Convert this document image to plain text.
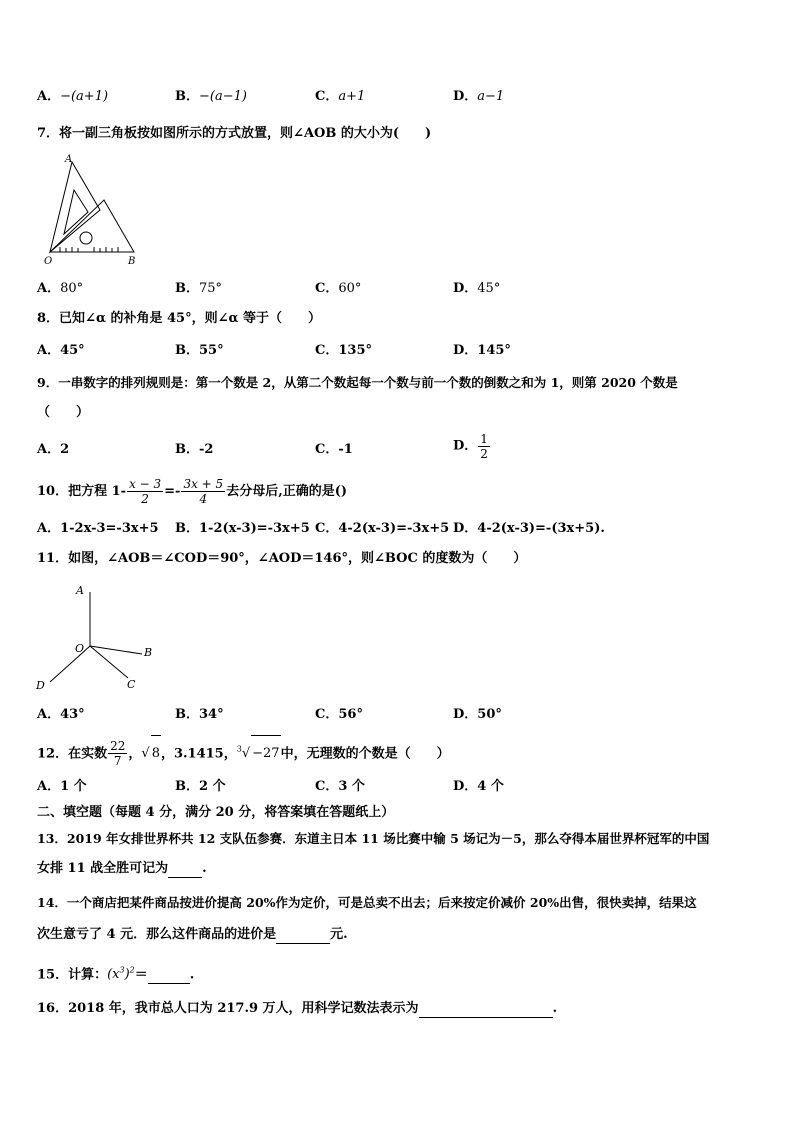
A．−(a+1)	B．−(a−1)	C．a+1	D．a−1
7．将一副三角板按如图所示的方式放置，则∠AOB 的大小为(　　)
A
O	B
A．80°	B．75°	C．60°	D．45°
8．已知∠α 的补角是 45°，则∠α 等于（　　）
A．45°	B．55°	C．135°	D．145°
9．一串数字的排列规则是：第一个数是 2，从第二个数起每一个数与前一个数的倒数之和为 1，则第 2020 个数是
（　　）
A．2	B．-2	C．-1	D． $\frac{1}{2}$
10．把方程 $1- \frac{x - 3}{2} =- \frac{3x + 5}{4}$ 去分母后,正确的是()
A．1-2x-3=-3x+5 B．1-2(x-3)=-3x+5 C．4-2(x-3)=-3x+5 D．4-2(x-3)=-(3x+5).
11．如图，∠AOB＝∠COD＝90°，∠AOD＝146°，则∠BOC 的度数为（　　）
A
O	B
C
D
A．43°	B．34°	C．56°	D．50°
12．在实数 $\frac{22}{7}$ ，√ 8，3.1415，$^3$√ −27中，无理数的个数是（　　）
A．1 个	B．2 个	C．3 个	D．4 个
二、填空题（每题 4 分，满分 20 分，将答案填在答题纸上）
13．2019 年女排世界杯共 12 支队伍参赛．东道主日本 11 场比赛中输 5 场记为－5，那么夺得本届世界杯冠军的中国
女排 11 战全胜可记为	.
14．一个商店把某件商品按进价提高 20%作为定价，可是总卖不出去；后来按定价减价 20%出售，很快卖掉，结果这
次生意亏了 4 元．那么这件商品的进价是	元.
15．计算：$(x^3)^2=$	.
16．2018 年，我市总人口为 217.9 万人，用科学记数法表示为	.
